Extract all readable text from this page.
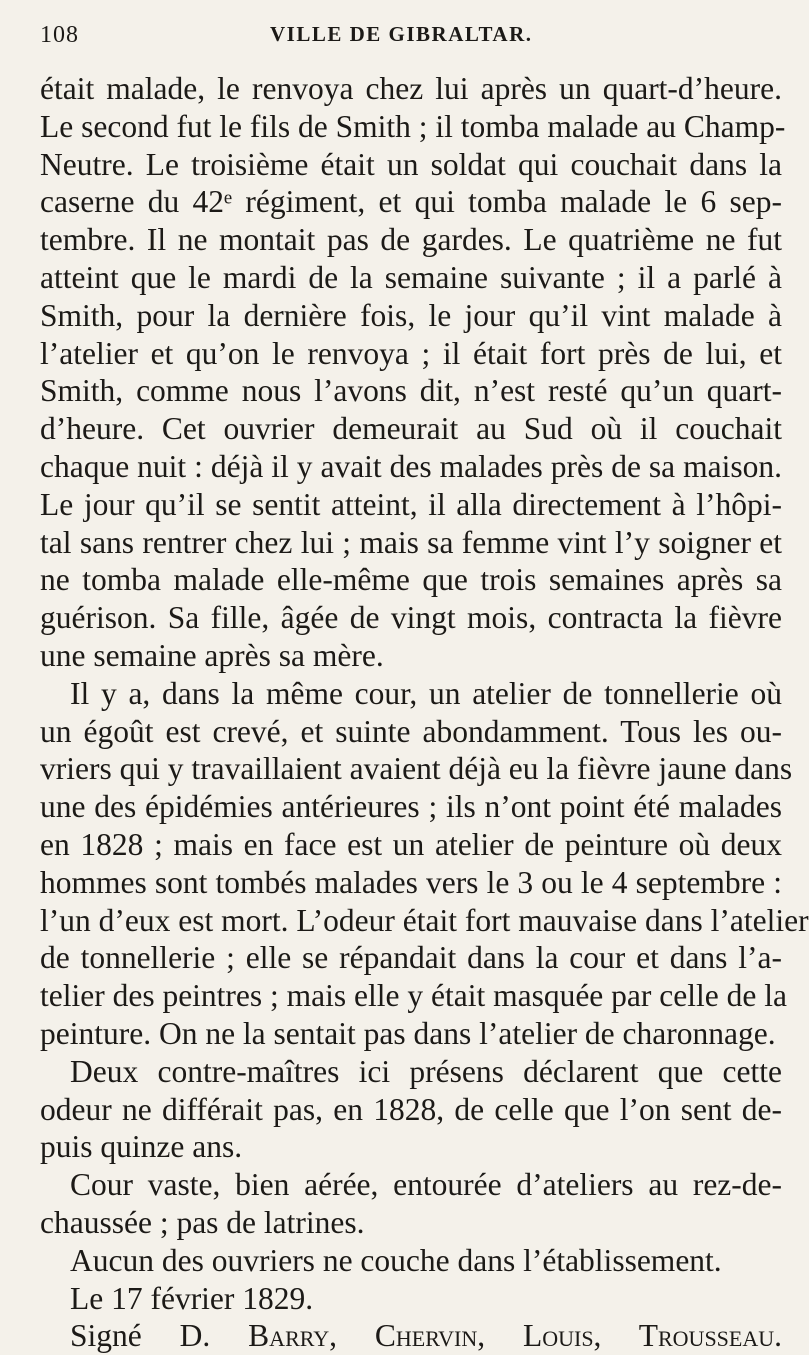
108	VILLE DE GIBRALTAR.
était malade, le renvoya chez lui après un quart-d’heure.
Le second fut le fils de Smith ; il tomba malade au Champ-
Neutre. Le troisième était un soldat qui couchait dans la
caserne du 42ᵉ régiment, et qui tomba malade le 6 sep-
tembre. Il ne montait pas de gardes. Le quatrième ne fut
atteint que le mardi de la semaine suivante ; il a parlé à
Smith, pour la dernière fois, le jour qu’il vint malade à
l’atelier et qu’on le renvoya ; il était fort près de lui, et
Smith, comme nous l’avons dit, n’est resté qu’un quart-
d’heure. Cet ouvrier demeurait au Sud où il couchait
chaque nuit : déjà il y avait des malades près de sa maison.
Le jour qu’il se sentit atteint, il alla directement à l’hôpi-
tal sans rentrer chez lui ; mais sa femme vint l’y soigner et
ne tomba malade elle-même que trois semaines après sa
guérison. Sa fille, âgée de vingt mois, contracta la fièvre
une semaine après sa mère.
Il y a, dans la même cour, un atelier de tonnellerie où
un égoût est crevé, et suinte abondamment. Tous les ou-
vriers qui y travaillaient avaient déjà eu la fièvre jaune dans
une des épidémies antérieures ; ils n’ont point été malades
en 1828 ; mais en face est un atelier de peinture où deux
hommes sont tombés malades vers le 3 ou le 4 septembre :
l’un d’eux est mort. L’odeur était fort mauvaise dans l’atelier
de tonnellerie ; elle se répandait dans la cour et dans l’a-
telier des peintres ; mais elle y était masquée par celle de la
peinture. On ne la sentait pas dans l’atelier de charonnage.
Deux contre-maîtres ici présens déclarent que cette
odeur ne différait pas, en 1828, de celle que l’on sent de-
puis quinze ans.
Cour vaste, bien aérée, entourée d’ateliers au rez-de-
chaussée ; pas de latrines.
Aucun des ouvriers ne couche dans l’établissement.
Le 17 février 1829.
Signé D. Barry, Chervin, Louis, Trousseau.
